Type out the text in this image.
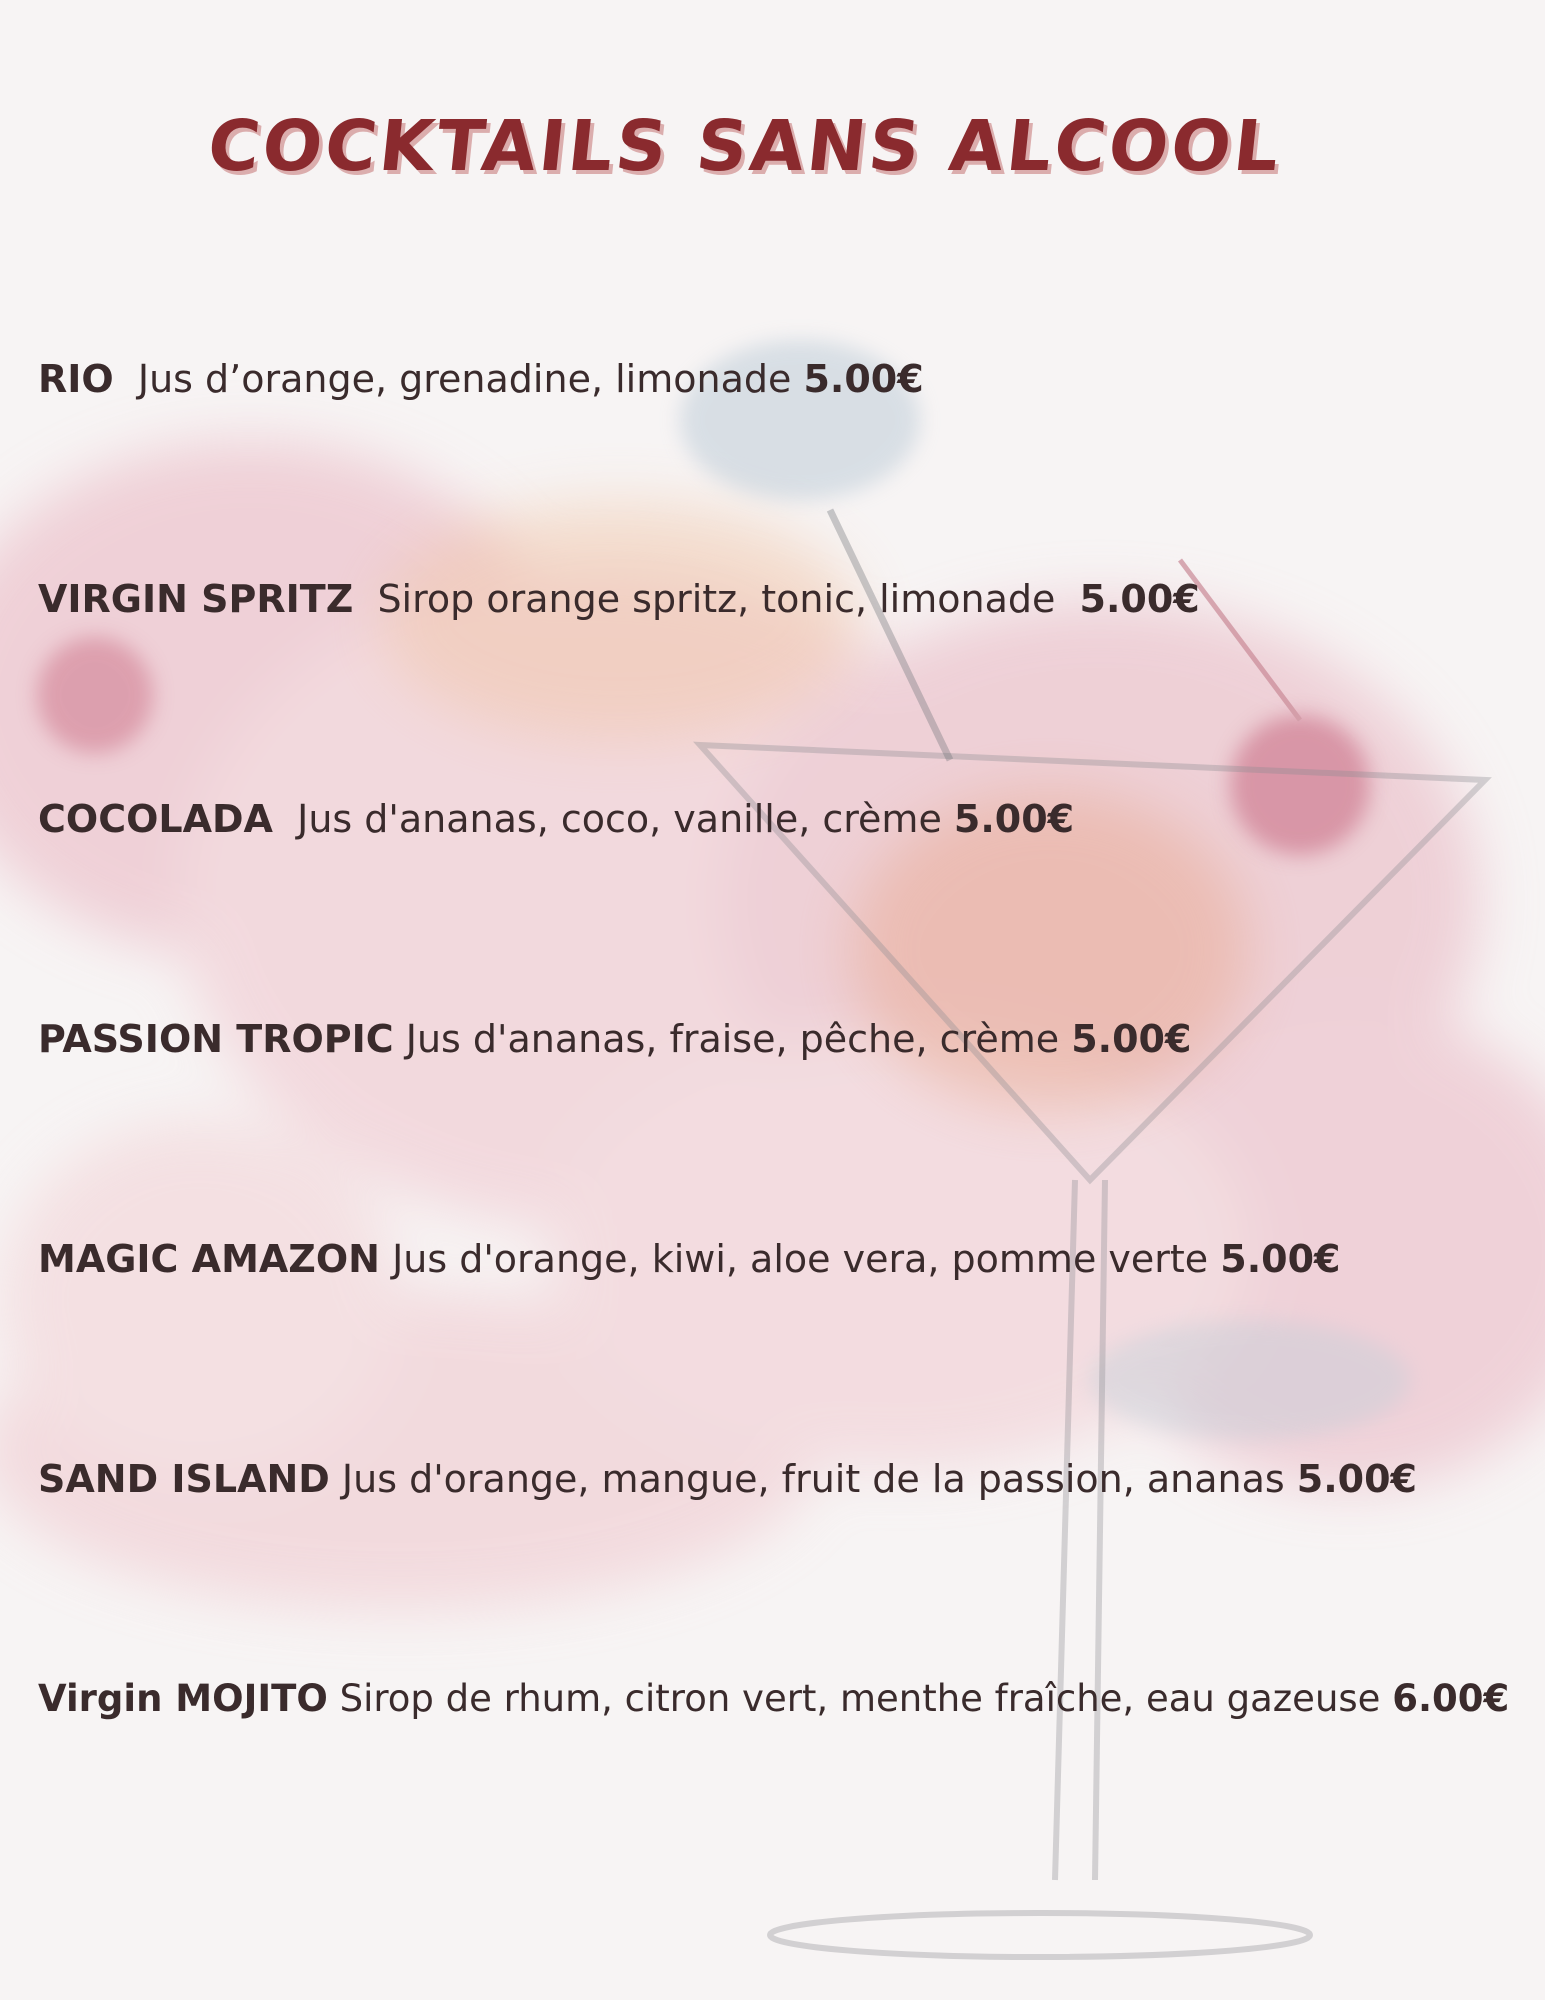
COCKTAILS SANS ALCOOL
RIO Jus d’orange, grenadine, limonade 5.00€
VIRGIN SPRITZ Sirop orange spritz, tonic, limonade 5.00€
COCOLADA Jus d'ananas, coco, vanille, crème 5.00€
PASSION TROPIC Jus d'ananas, fraise, pêche, crème 5.00€
MAGIC AMAZON Jus d'orange, kiwi, aloe vera, pomme verte 5.00€
SAND ISLAND Jus d'orange, mangue, fruit de la passion, ananas 5.00€
Virgin MOJITO Sirop de rhum, citron vert, menthe fraîche, eau gazeuse 6.00€
